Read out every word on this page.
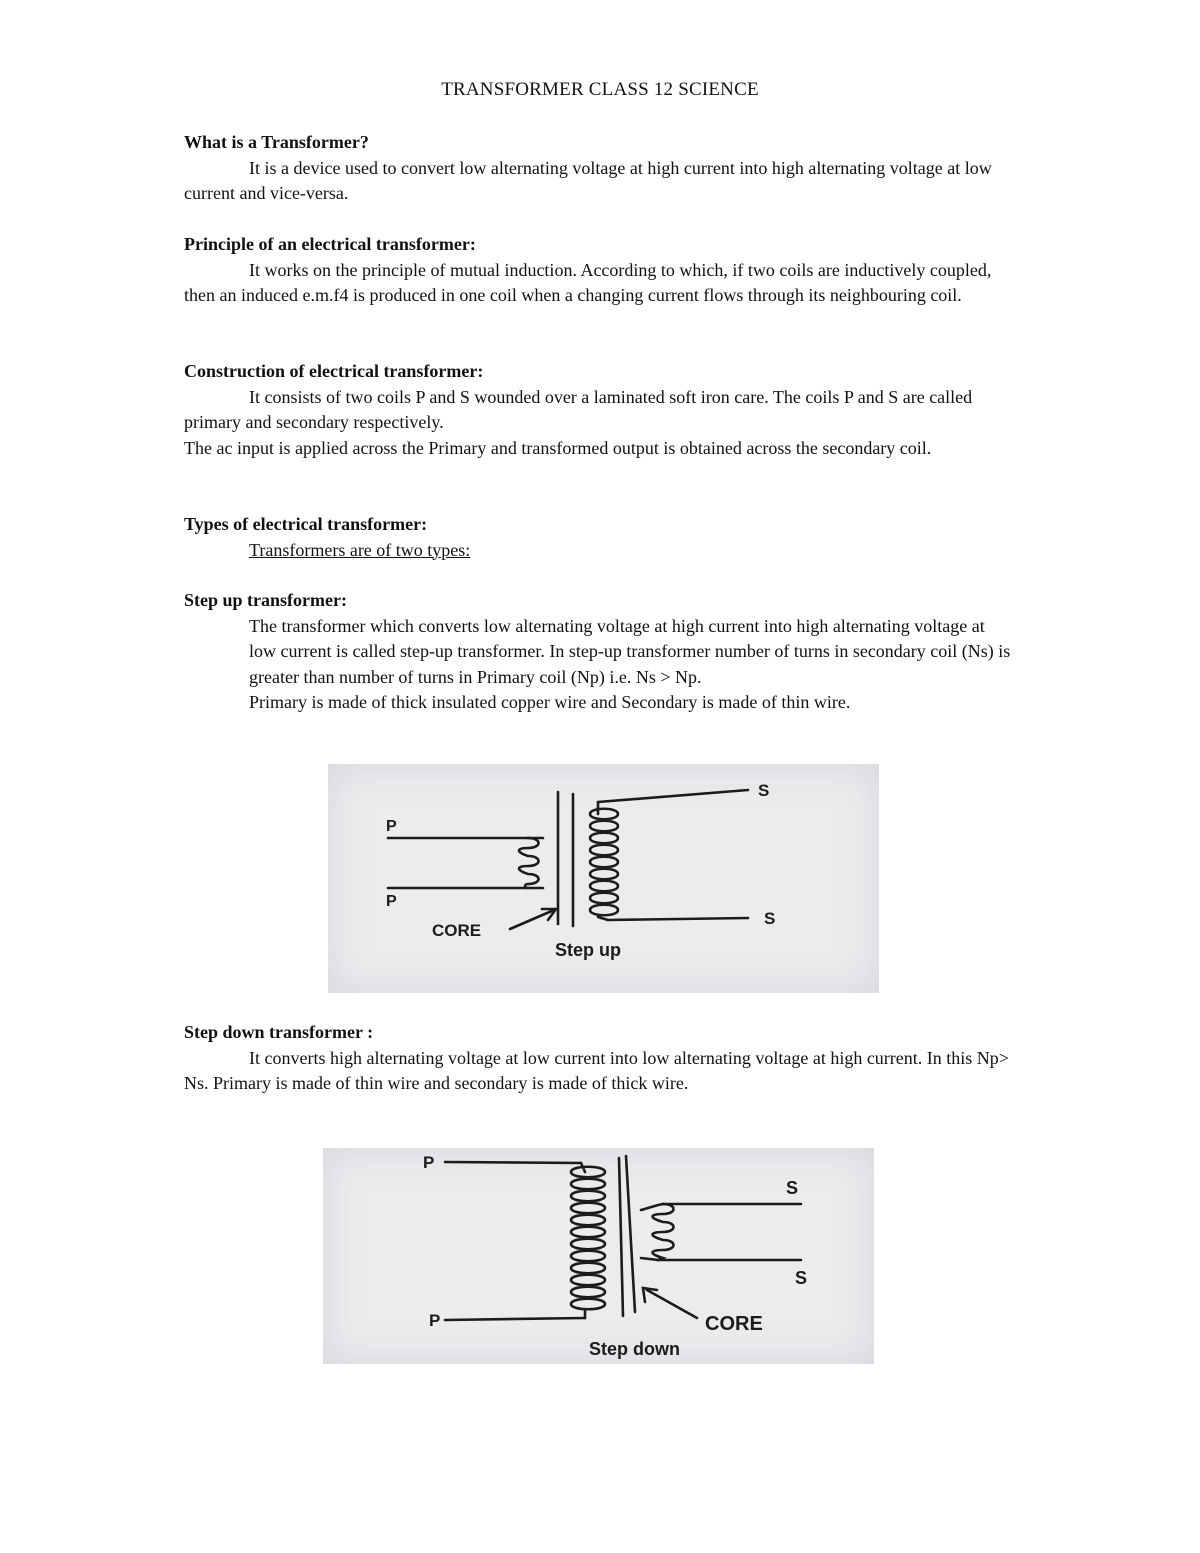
TRANSFORMER CLASS 12 SCIENCE
What is a Transformer?
It is a device used to convert low alternating voltage at high current into high alternating voltage at low current and vice-versa.
Principle of an electrical transformer:
It works on the principle of mutual induction. According to which, if two coils are inductively coupled, then an induced e.m.f4 is produced in one coil when a changing current flows through its neighbouring coil.
Construction of electrical transformer:
It consists of two coils P and S wounded over a laminated soft iron care. The coils P and S are called primary and secondary respectively.
The ac input is applied across the Primary and transformed output is obtained across the secondary coil.
Types of electrical transformer:
Transformers are of two types:
Step up transformer:
The transformer which converts low alternating voltage at high current into high alternating voltage at low current is called step-up transformer. In step-up transformer number of turns in secondary coil (Ns) is greater than number of turns in Primary coil (Np) i.e. Ns > Np.
Primary is made of thick insulated copper wire and Secondary is made of thin wire.
P
P
S
S
CORE
Step up
Step down transformer :
It converts high alternating voltage at low current into low alternating voltage at high current. In this Np> Ns. Primary is made of thin wire and secondary is made of thick wire.
P
P
S
S
CORE
Step down
